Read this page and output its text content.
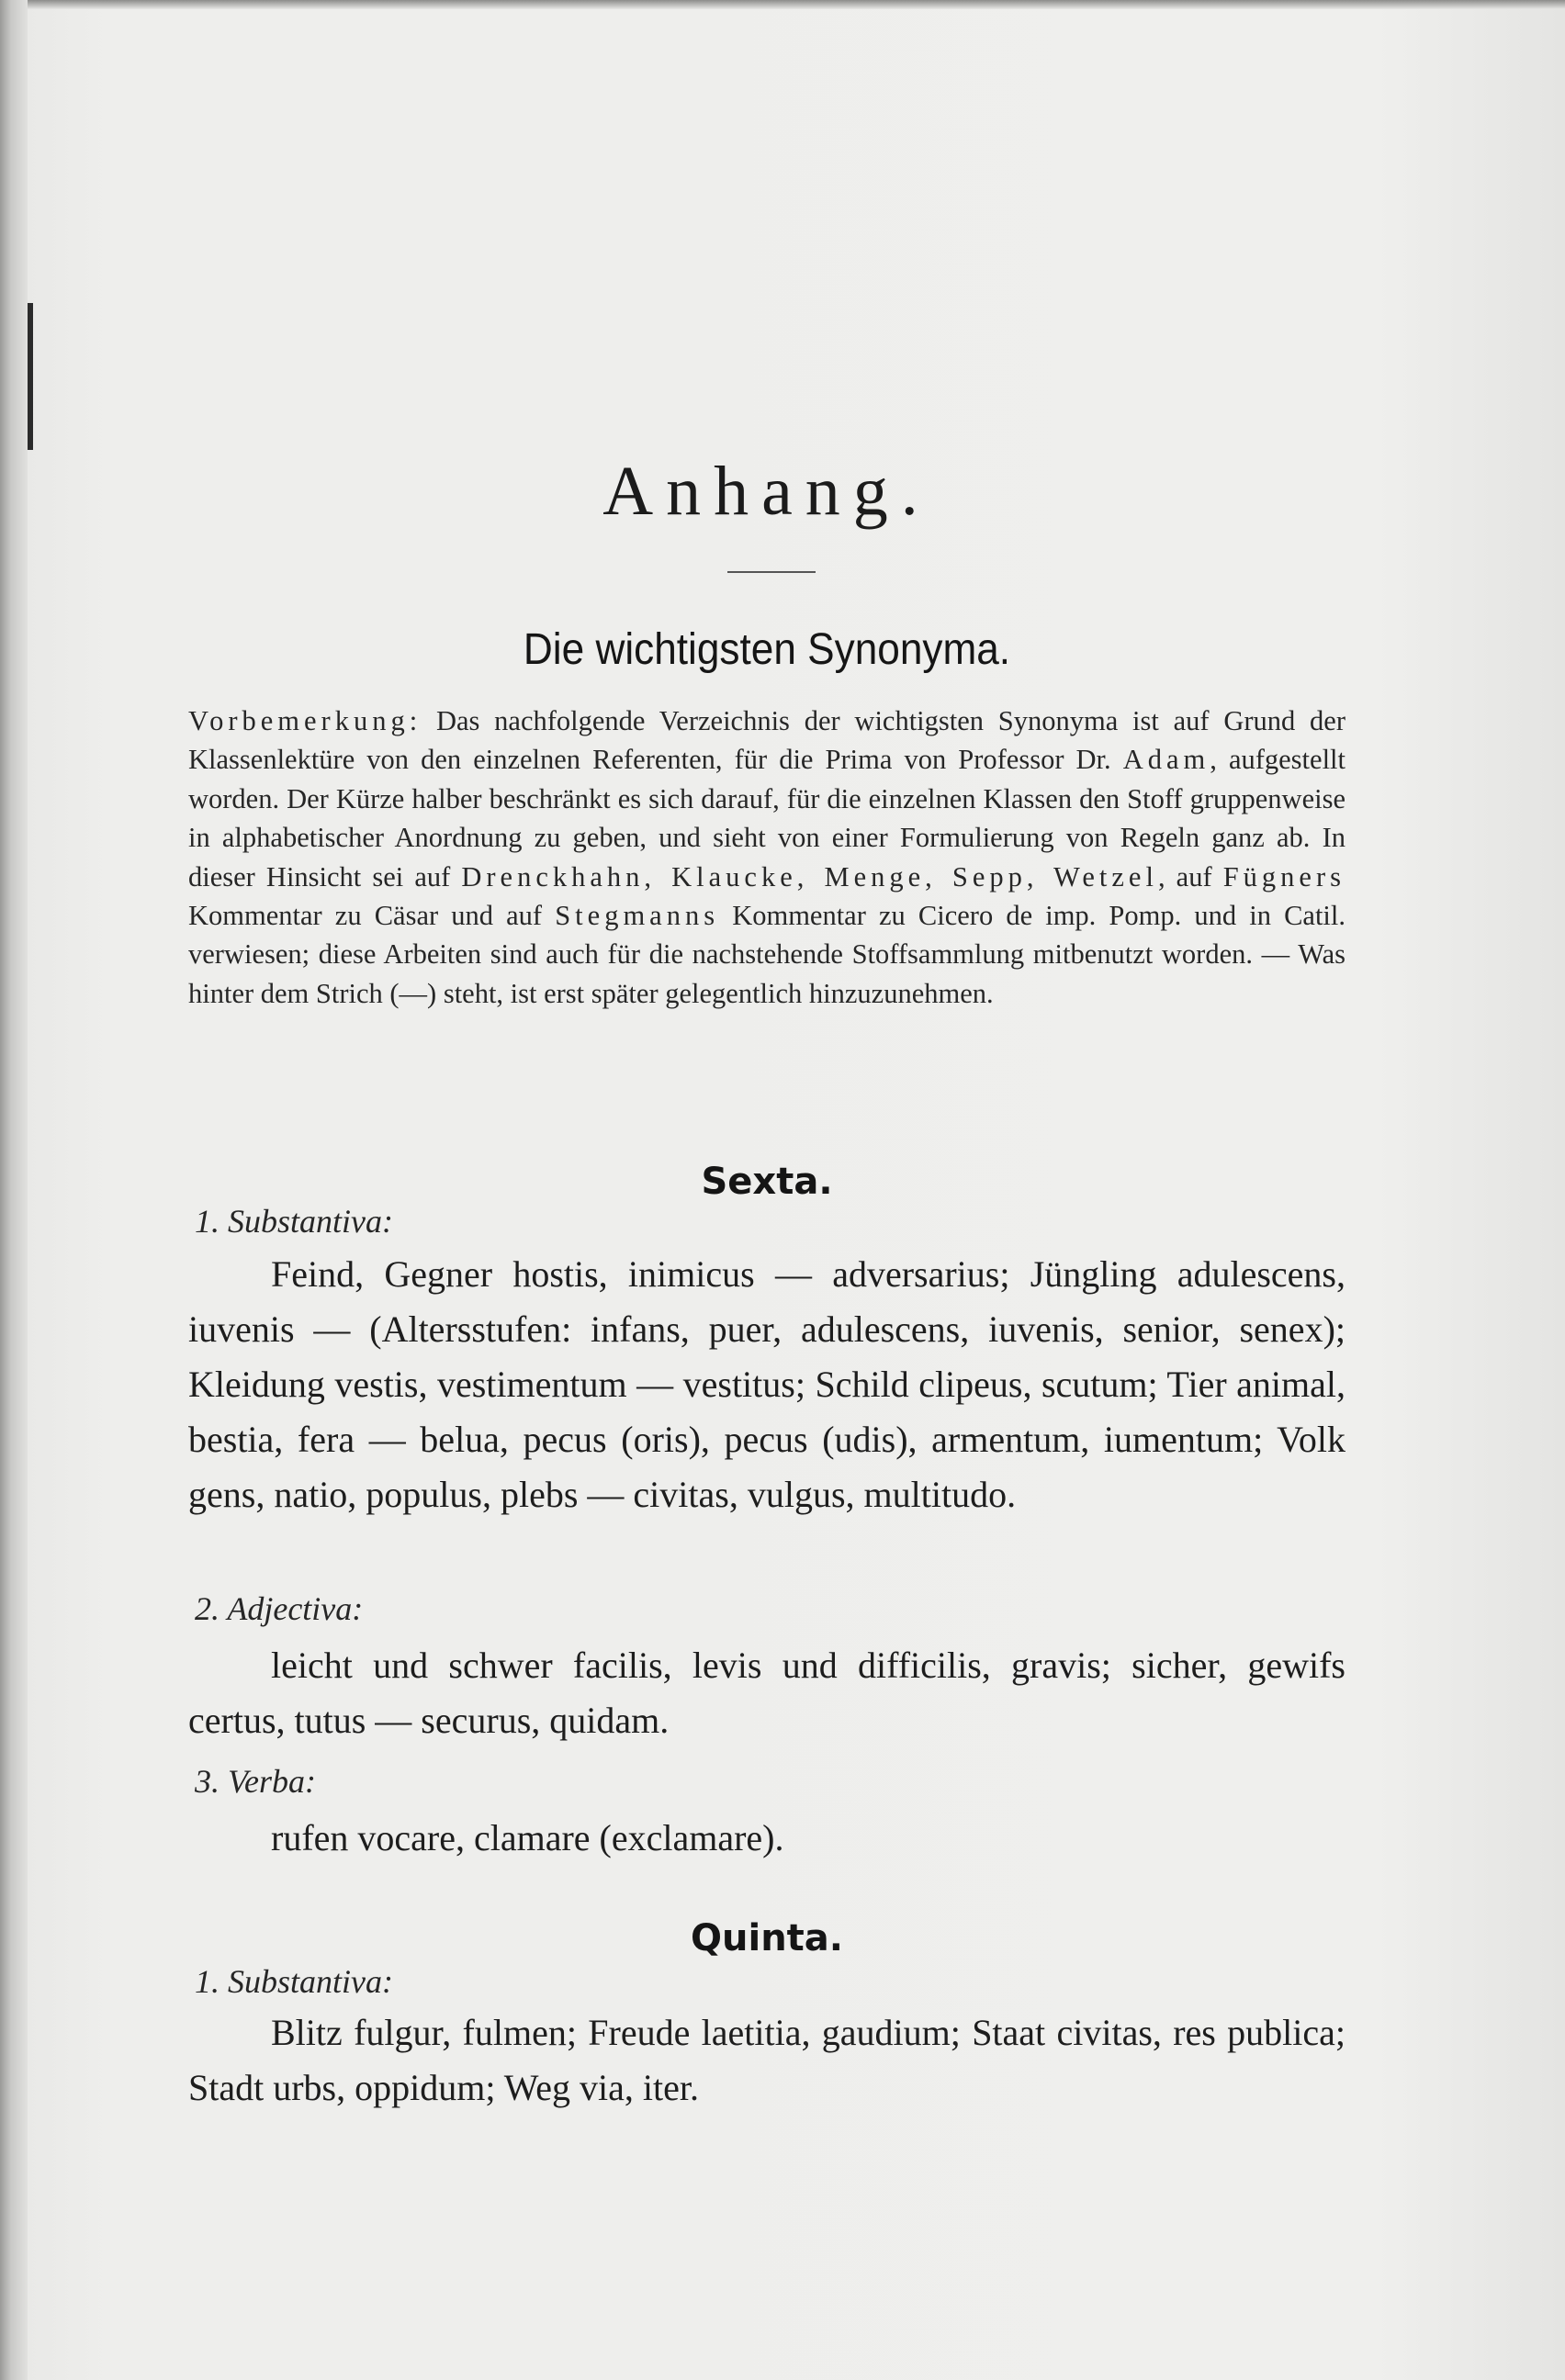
Anhang.
Die wichtigsten Synonyma.

Vorbemerkung: Das nachfolgende Verzeichnis der wichtigsten Synonyma ist auf Grund der Klassenlektüre von den einzelnen Referenten, für die Prima von Professor Dr. Adam, aufgestellt worden. Der Kürze halber beschränkt es sich darauf, für die einzelnen Klassen den Stoff gruppenweise in alphabetischer Anordnung zu geben, und sieht von einer Formulierung von Regeln ganz ab. In dieser Hinsicht sei auf Drenckhahn, Klaucke, Menge, Sepp, Wetzel, auf Fügners Kommentar zu Cäsar und auf Stegmanns Kommentar zu Cicero de imp. Pomp. und in Catil. verwiesen; diese Arbeiten sind auch für die nachstehende Stoffsammlung mitbenutzt worden. — Was hinter dem Strich (—) steht, ist erst später gelegentlich hinzuzunehmen.

Sexta.
1. Substantiva:

Feind, Gegner hostis, inimicus — adversarius; Jüngling adulescens, iuvenis — (Altersstufen: infans, puer, adulescens, iuvenis, senior, senex); Kleidung vestis, vestimentum — vestitus; Schild clipeus, scutum; Tier animal, bestia, fera — belua, pecus (oris), pecus (udis), armentum, iumentum; Volk gens, natio, populus, plebs — civitas, vulgus, multitudo.

2. Adjectiva:

leicht und schwer facilis, levis und difficilis, gravis; sicher, gewifs certus, tutus — securus, quidam.

3. Verba:

rufen vocare, clamare (exclamare).

Quinta.
1. Substantiva:

Blitz fulgur, fulmen; Freude laetitia, gaudium; Staat civitas, res publica; Stadt urbs, oppidum; Weg via, iter.
